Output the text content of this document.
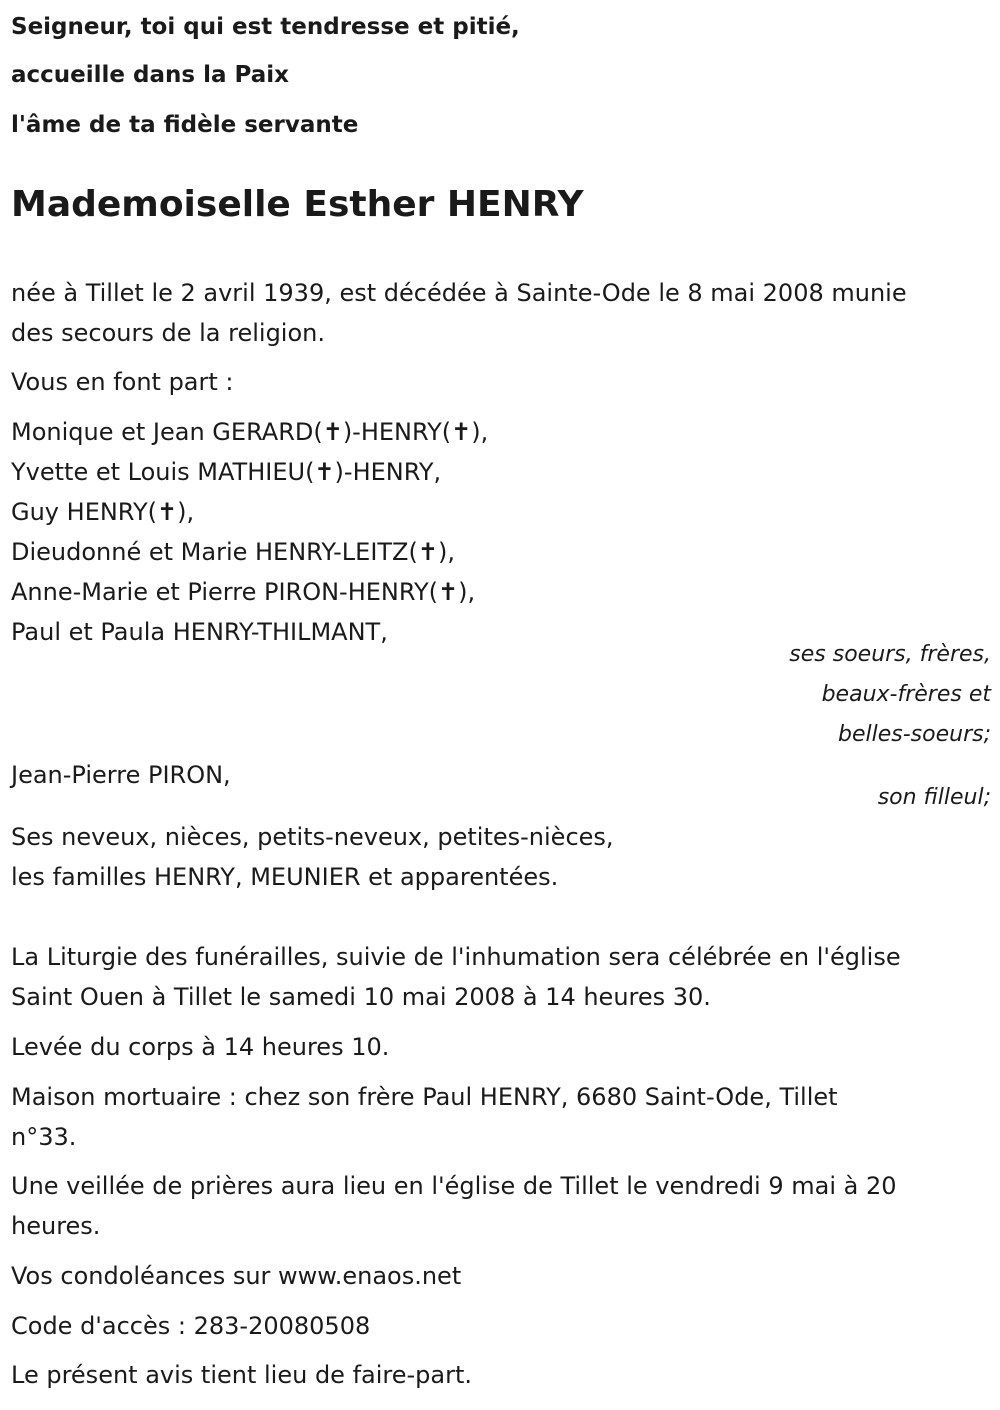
Seigneur, toi qui est tendresse et pitié,
accueille dans la Paix
l'âme de ta fidèle servante
Mademoiselle Esther HENRY

née à Tillet le 2 avril 1939, est décédée à Sainte-Ode le 8 mai 2008 munie

des secours de la religion.

Vous en font part :

Monique et Jean GERARD(✝)-HENRY(✝),

Yvette et Louis MATHIEU(✝)-HENRY,

Guy HENRY(✝),

Dieudonné et Marie HENRY-LEITZ(✝),

Anne-Marie et Pierre PIRON-HENRY(✝),

Paul et Paula HENRY-THILMANT,

ses soeurs, frères,

beaux-frères et

belles-soeurs;

Jean-Pierre PIRON,

son filleul;

Ses neveux, nièces, petits-neveux, petites-nièces,

les familles HENRY, MEUNIER et apparentées.

La Liturgie des funérailles, suivie de l'inhumation sera célébrée en l'église

Saint Ouen à Tillet le samedi 10 mai 2008 à 14 heures 30.

Levée du corps à 14 heures 10.

Maison mortuaire : chez son frère Paul HENRY, 6680 Saint-Ode, Tillet

n°33.

Une veillée de prières aura lieu en l'église de Tillet le vendredi 9 mai à 20

heures.

Vos condoléances sur www.enaos.net

Code d'accès : 283-20080508

Le présent avis tient lieu de faire-part.
